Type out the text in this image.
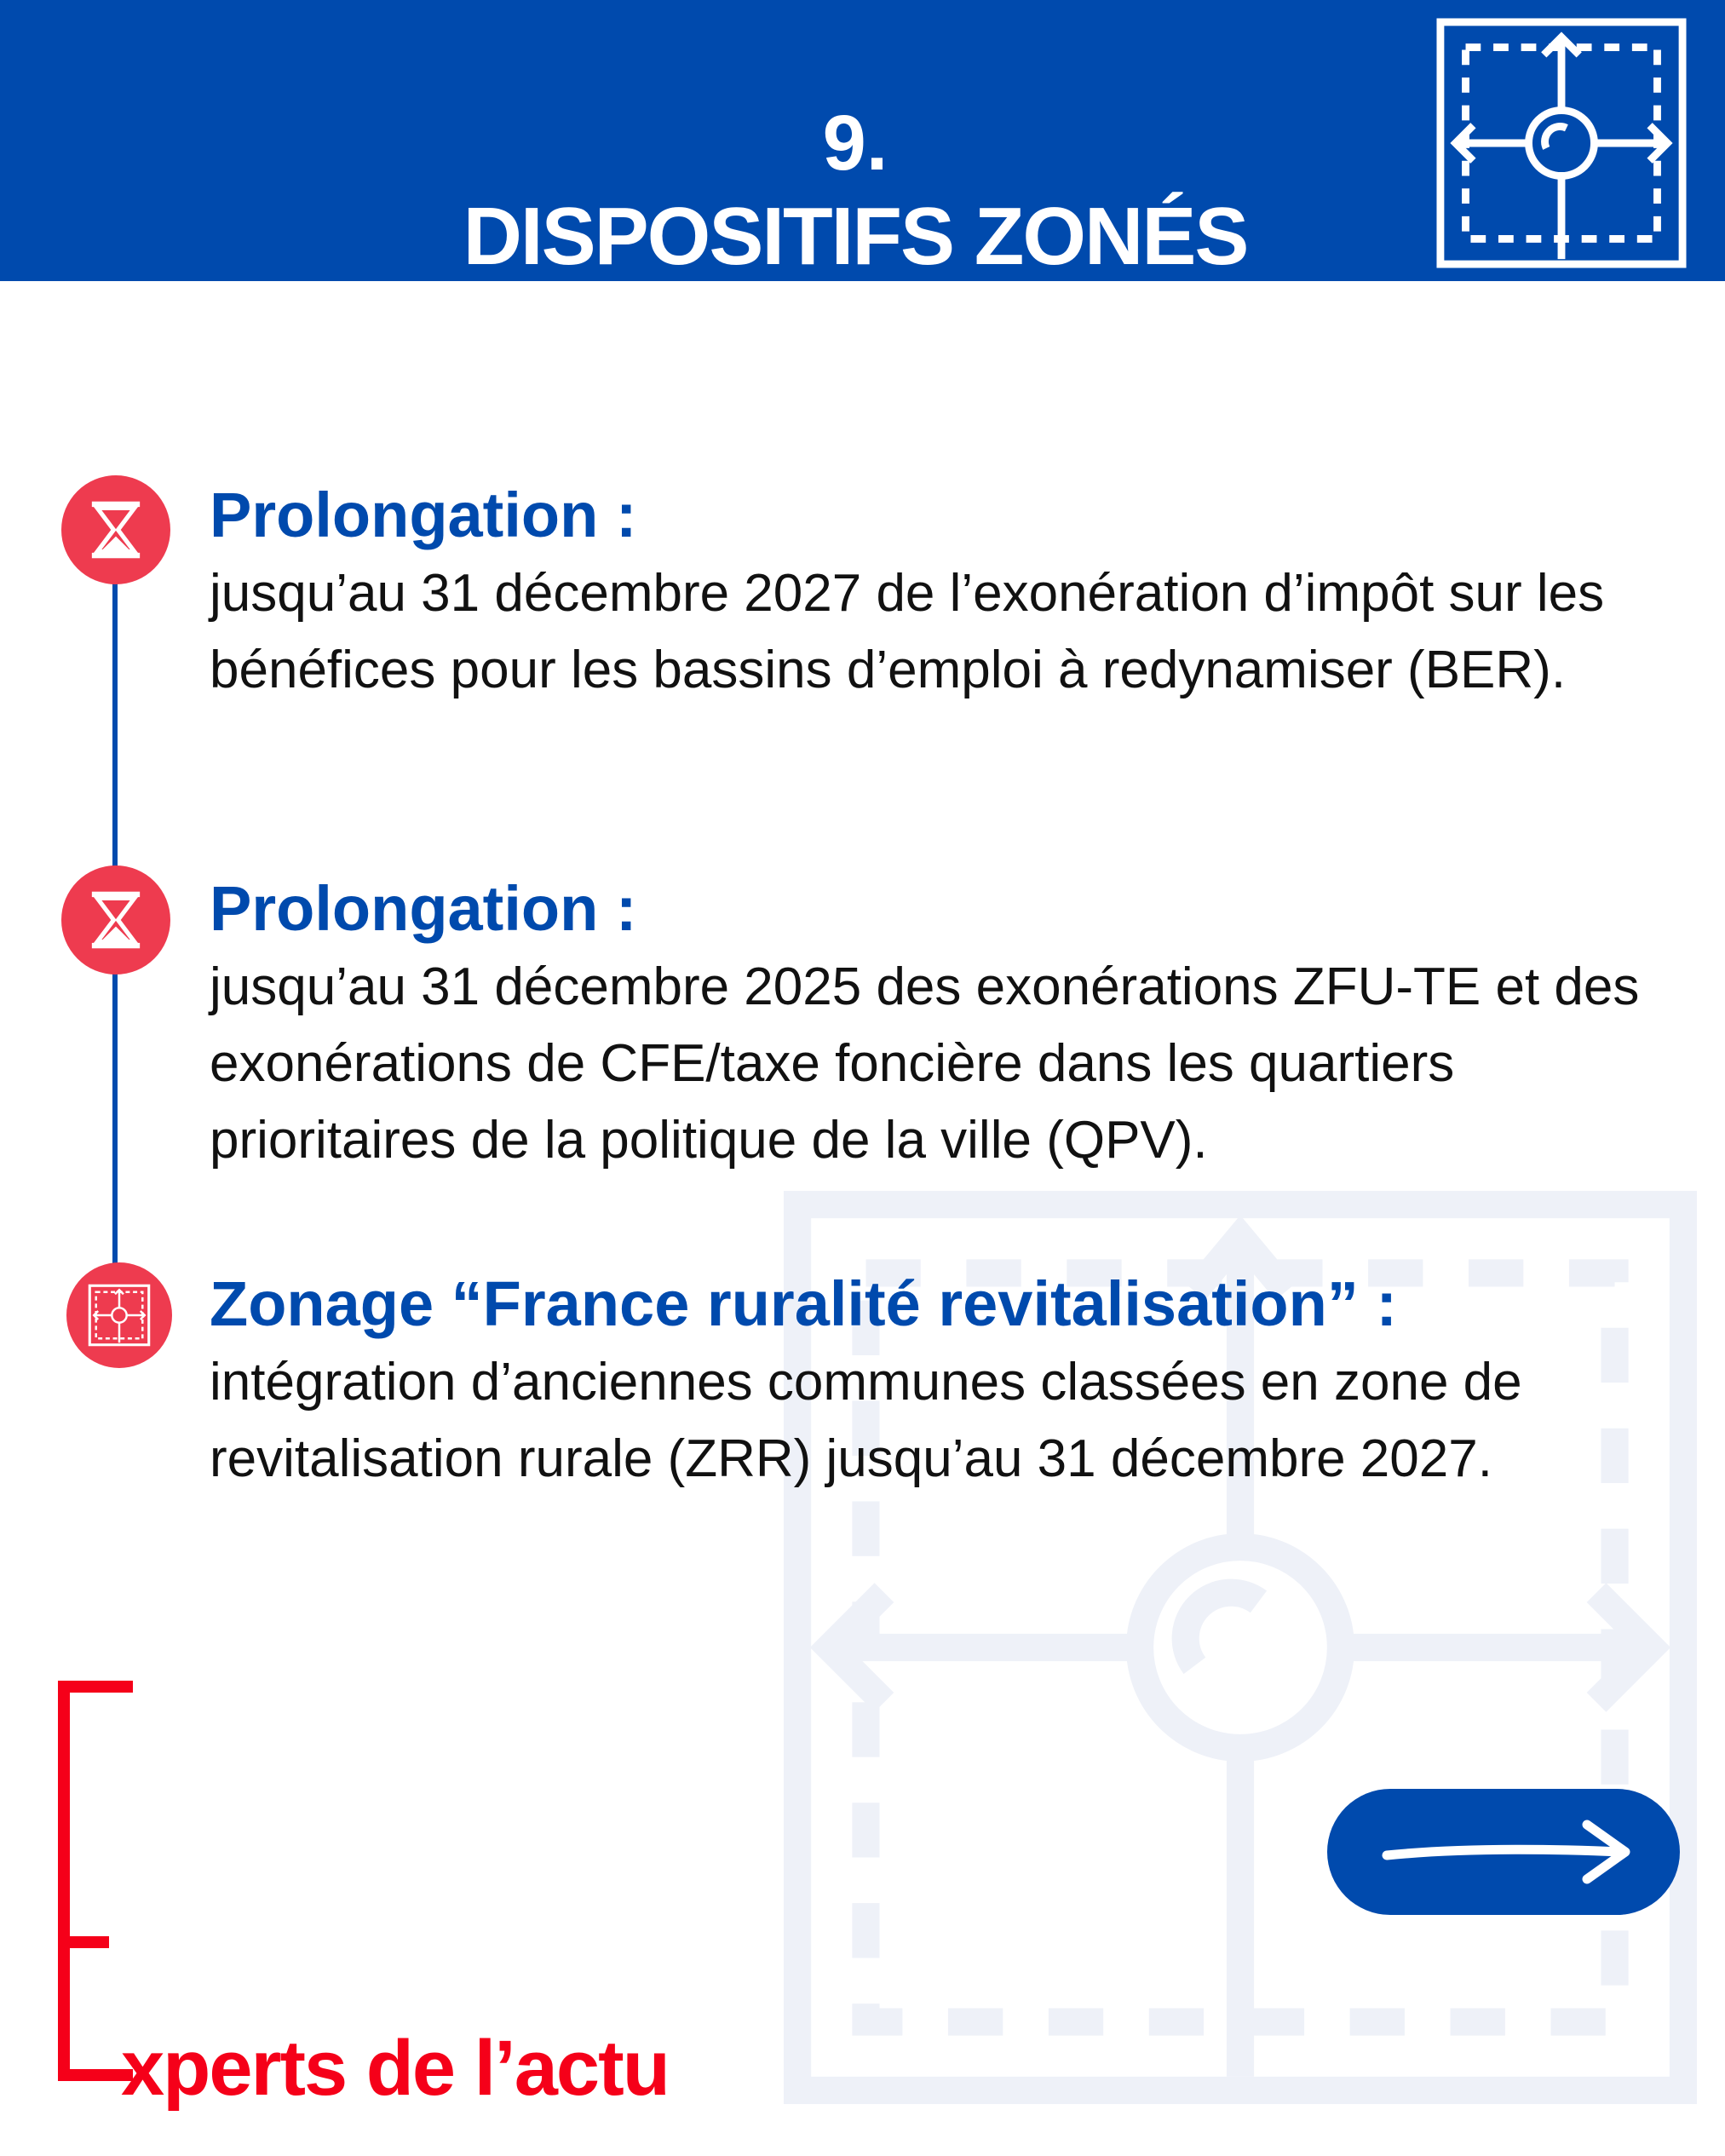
9.
DISPOSITIFS ZONÉS
Prolongation :
jusqu’au 31 décembre 2027 de l’exonération d’impôt sur les bénéfices pour les bassins d’emploi à redynamiser (BER).
Prolongation :
jusqu’au 31 décembre 2025 des exonérations ZFU-TE et des exonérations de CFE/taxe foncière dans les quartiers prioritaires de la politique de la ville (QPV).
Zonage “France ruralité revitalisation” :
intégration d’anciennes communes classées en zone de revitalisation rurale (ZRR) jusqu’au 31 décembre 2027.
xperts de l’actu
